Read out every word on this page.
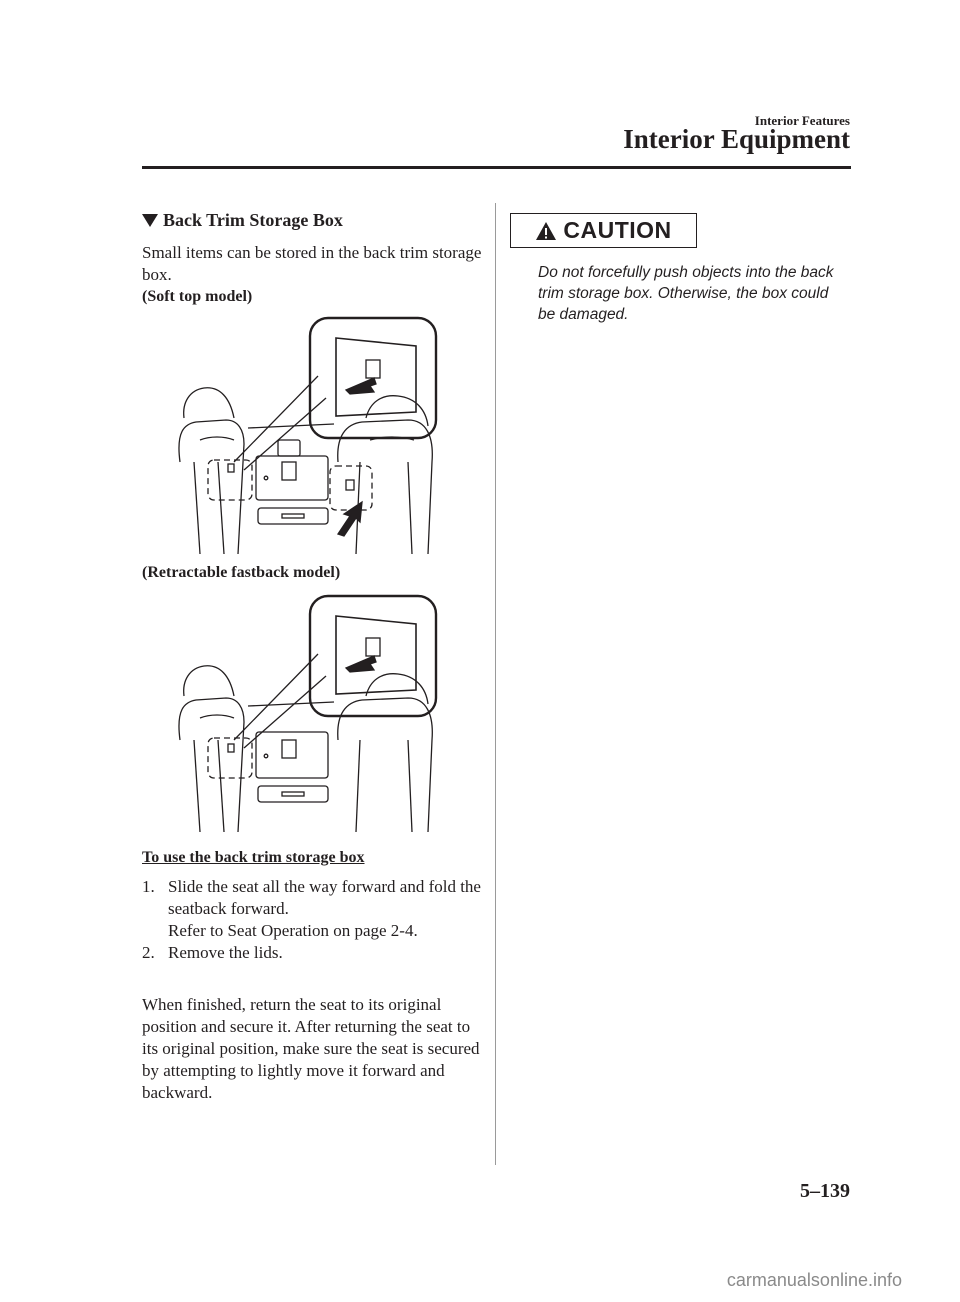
Interior Features
Interior Equipment
Back Trim Storage Box
Small items can be stored in the back trim storage box.
(Soft top model)
(Retractable fastback model)
To use the back trim storage box
1. Slide the seat all the way forward and fold the seatback forward.
Refer to Seat Operation on page 2-4.
2. Remove the lids.
When finished, return the seat to its original position and secure it. After returning the seat to its original position, make sure the seat is secured by attempting to lightly move it forward and backward.
CAUTION
Do not forcefully push objects into the back trim storage box. Otherwise, the box could be damaged.
5–139
carmanualsonline.info
